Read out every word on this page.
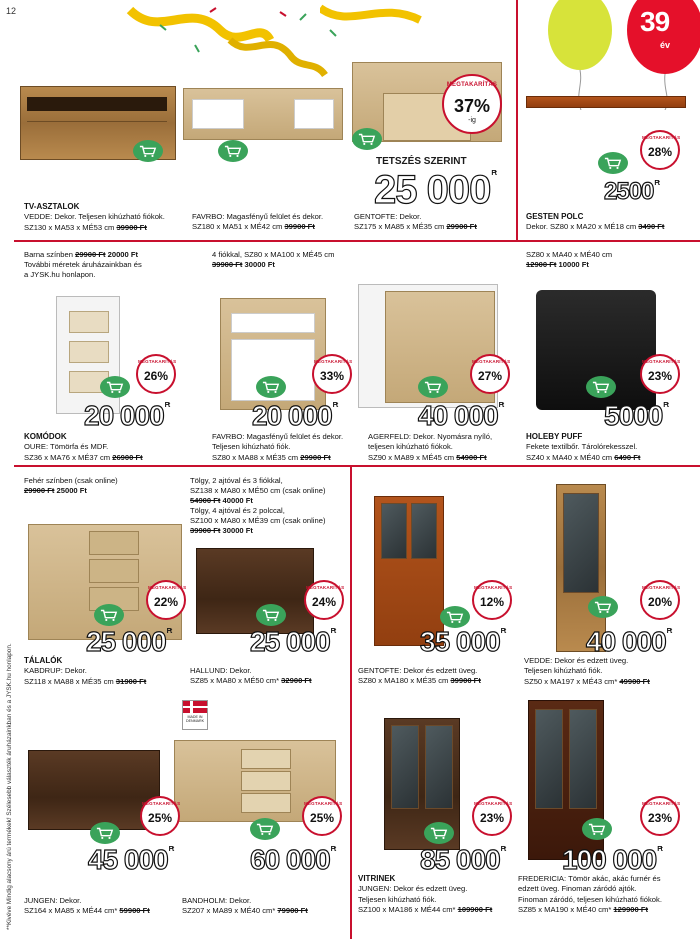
12	39
év
MEGTAKARÍTÁS
37%
-ig
TETSZÉS SZERINT
25 $000^{Ft}$
TV-ASZTALOK
VEDDE: Dekor. Teljesen kihúzható fiókok.
SZ130 x MA53 x MÉ53 cm 39900 Ft
FAVRBO: Magasfényű felület és dekor.
SZ180 x MA51 x MÉ42 cm 39900 Ft
GENTOFTE: Dekor.
SZ175 x MA85 x MÉ35 cm 29900 Ft
MEGTAKARÍTÁS
28%
$2500^{Ft}$
GESTEN POLC
Dekor. SZ80 x MA20 x MÉ18 cm 3490 Ft
Barna színben 29900 Ft 20000 Ft
További méretek áruházainkban és
a JYSK.hu honlapon.
4 fiókkal, SZ80 x MA100 x MÉ45 cm
39900 Ft 30000 Ft
SZ80 x MA40 x MÉ40 cm
12900 Ft 10000 Ft
MEGTAKARÍTÁS
26%
20 $000^{Ft}$
MEGTAKARÍTÁS
33%
20 $000^{Ft}$
MEGTAKARÍTÁS
27%
40 $000^{Ft}$
MEGTAKARÍTÁS
23%
$5000^{Ft}$
KOMÓDOK
OURE: Tömörfa és MDF.
SZ36 x MA76 x MÉ37 cm 26900 Ft
FAVRBO: Magasfényű felület és dekor.
Teljesen kihúzható fiók.
SZ80 x MA88 x MÉ35 cm 29900 Ft
AGERFELD: Dekor. Nyomásra nyíló,
teljesen kihúzható fiókok.
SZ90 x MA89 x MÉ45 cm 54900 Ft
HOLEBY PUFF
Fekete textilbőr. Tárolórekesszel.
SZ40 x MA40 x MÉ40 cm 6490 Ft
Fehér színben (csak online)
29900 Ft 25000 Ft
Tölgy, 2 ajtóval és 3 fiókkal,
SZ138 x MA80 x MÉ50 cm (csak online)
54900 Ft 40000 Ft
Tölgy, 4 ajtóval és 2 polccal,
SZ100 x MA80 x MÉ39 cm (csak online)
39900 Ft 30000 Ft
MEGTAKARÍTÁS
22%
25 $000^{Ft}$
MEGTAKARÍTÁS
24%
25 $000^{Ft}$
TÁLALÓK
KABDRUP: Dekor.
SZ118 x MA88 x MÉ35 cm 31900 Ft
HALLUND: Dekor.
SZ85 x MA80 x MÉ50 cm* 32900 Ft
MADE IN
DENMARK
MEGTAKARÍTÁS
25%
45 $000^{Ft}$
MEGTAKARÍTÁS
25%
60 $000^{Ft}$
JUNGEN: Dekor.
SZ164 x MA85 x MÉ44 cm* 59900 Ft
BANDHOLM: Dekor.
SZ207 x MA89 x MÉ40 cm* 79900 Ft
MEGTAKARÍTÁS
12%
35 $000^{Ft}$
MEGTAKARÍTÁS
20%
40 $000^{Ft}$
GENTOFTE: Dekor és edzett üveg.
SZ80 x MA180 x MÉ35 cm 39900 Ft
VEDDE: Dekor és edzett üveg.
Teljesen kihúzható fiók.
SZ50 x MA197 x MÉ43 cm* 49900 Ft
MEGTAKARÍTÁS
23%
85 $000^{Ft}$
MEGTAKARÍTÁS
23%
100 $000^{Ft}$
VITRINEK
JUNGEN: Dekor és edzett üveg.
Teljesen kihúzható fiók.
SZ100 x MA186 x MÉ44 cm* 109900 Ft
FREDERICIA: Tömör akác, akác furnér és
edzett üveg. Finoman záródó ajtók.
Finoman záródó, teljesen kihúzható fiókok.
SZ85 x MA190 x MÉ40 cm* 129900 Ft
**Kivéve Mindig alacsony árú termékek! Szélesebb választék áruházainkban és a JYSK.hu honlapon.
